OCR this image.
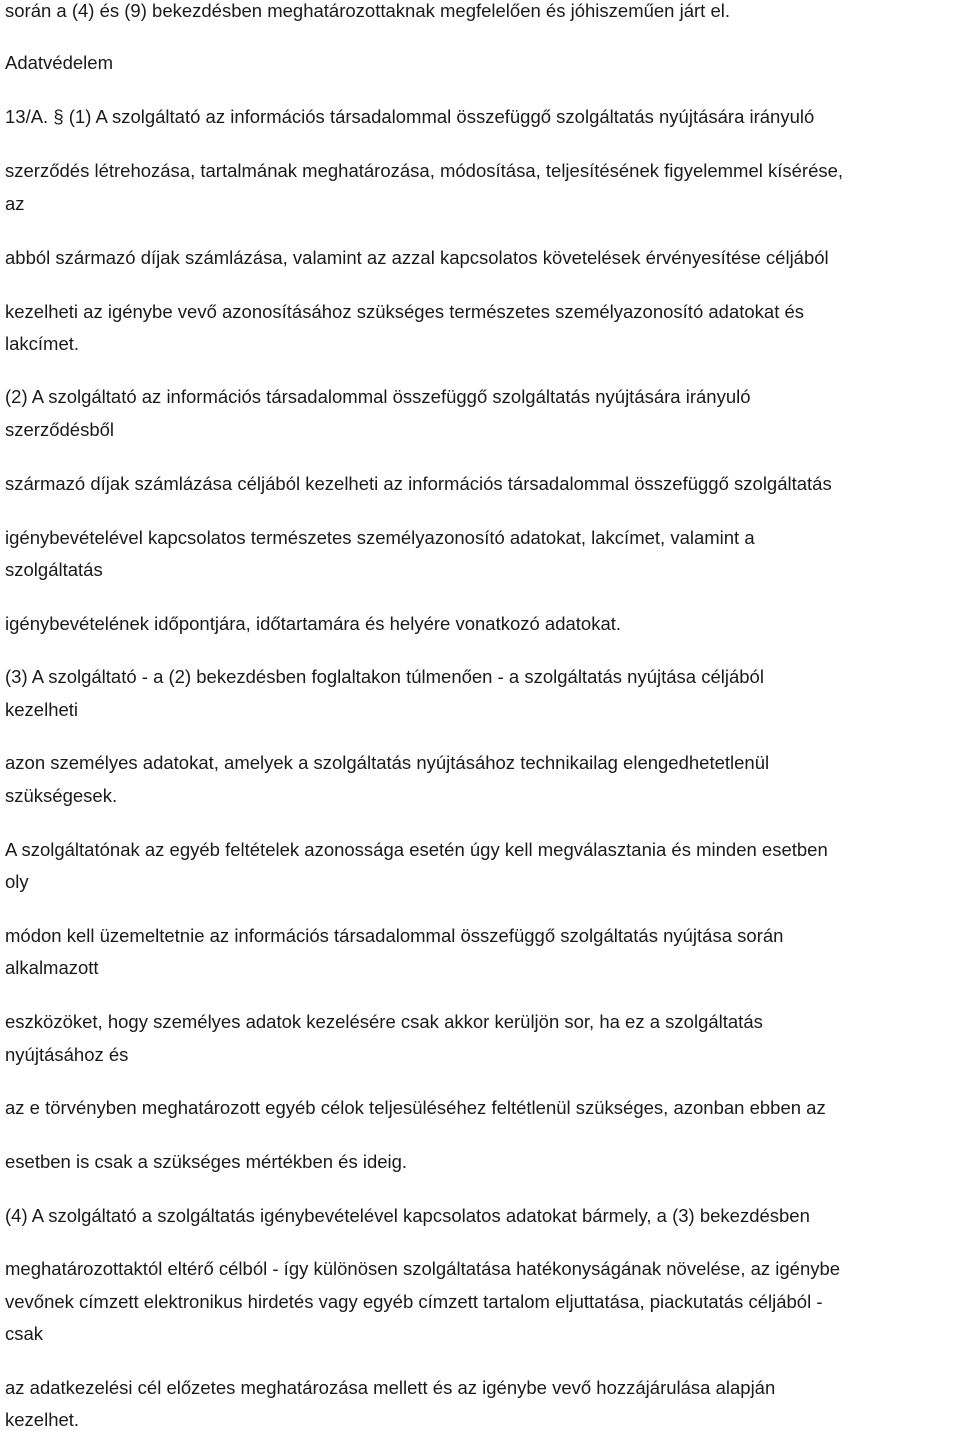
során a (4) és (9) bekezdésben meghatározottaknak megfelelően és jóhiszeműen járt el.

Adatvédelem

13/A. § (1) A szolgáltató az információs társadalommal összefüggő szolgáltatás nyújtására irányuló

szerződés létrehozása, tartalmának meghatározása, módosítása, teljesítésének figyelemmel kísérése,

az

abból származó díjak számlázása, valamint az azzal kapcsolatos követelések érvényesítése céljából

kezelheti az igénybe vevő azonosításához szükséges természetes személyazonosító adatokat és

lakcímet.

(2) A szolgáltató az információs társadalommal összefüggő szolgáltatás nyújtására irányuló

szerződésből

származó díjak számlázása céljából kezelheti az információs társadalommal összefüggő szolgáltatás

igénybevételével kapcsolatos természetes személyazonosító adatokat, lakcímet, valamint a

szolgáltatás

igénybevételének időpontjára, időtartamára és helyére vonatkozó adatokat.

(3) A szolgáltató - a (2) bekezdésben foglaltakon túlmenően - a szolgáltatás nyújtása céljából

kezelheti

azon személyes adatokat, amelyek a szolgáltatás nyújtásához technikailag elengedhetetlenül

szükségesek.

A szolgáltatónak az egyéb feltételek azonossága esetén úgy kell megválasztania és minden esetben

oly

módon kell üzemeltetnie az információs társadalommal összefüggő szolgáltatás nyújtása során

alkalmazott

eszközöket, hogy személyes adatok kezelésére csak akkor kerüljön sor, ha ez a szolgáltatás

nyújtásához és

az e törvényben meghatározott egyéb célok teljesüléséhez feltétlenül szükséges, azonban ebben az

esetben is csak a szükséges mértékben és ideig.

(4) A szolgáltató a szolgáltatás igénybevételével kapcsolatos adatokat bármely, a (3) bekezdésben

meghatározottaktól eltérő célból - így különösen szolgáltatása hatékonyságának növelése, az igénybe

vevőnek címzett elektronikus hirdetés vagy egyéb címzett tartalom eljuttatása, piackutatás céljából -

csak

az adatkezelési cél előzetes meghatározása mellett és az igénybe vevő hozzájárulása alapján

kezelhet.
